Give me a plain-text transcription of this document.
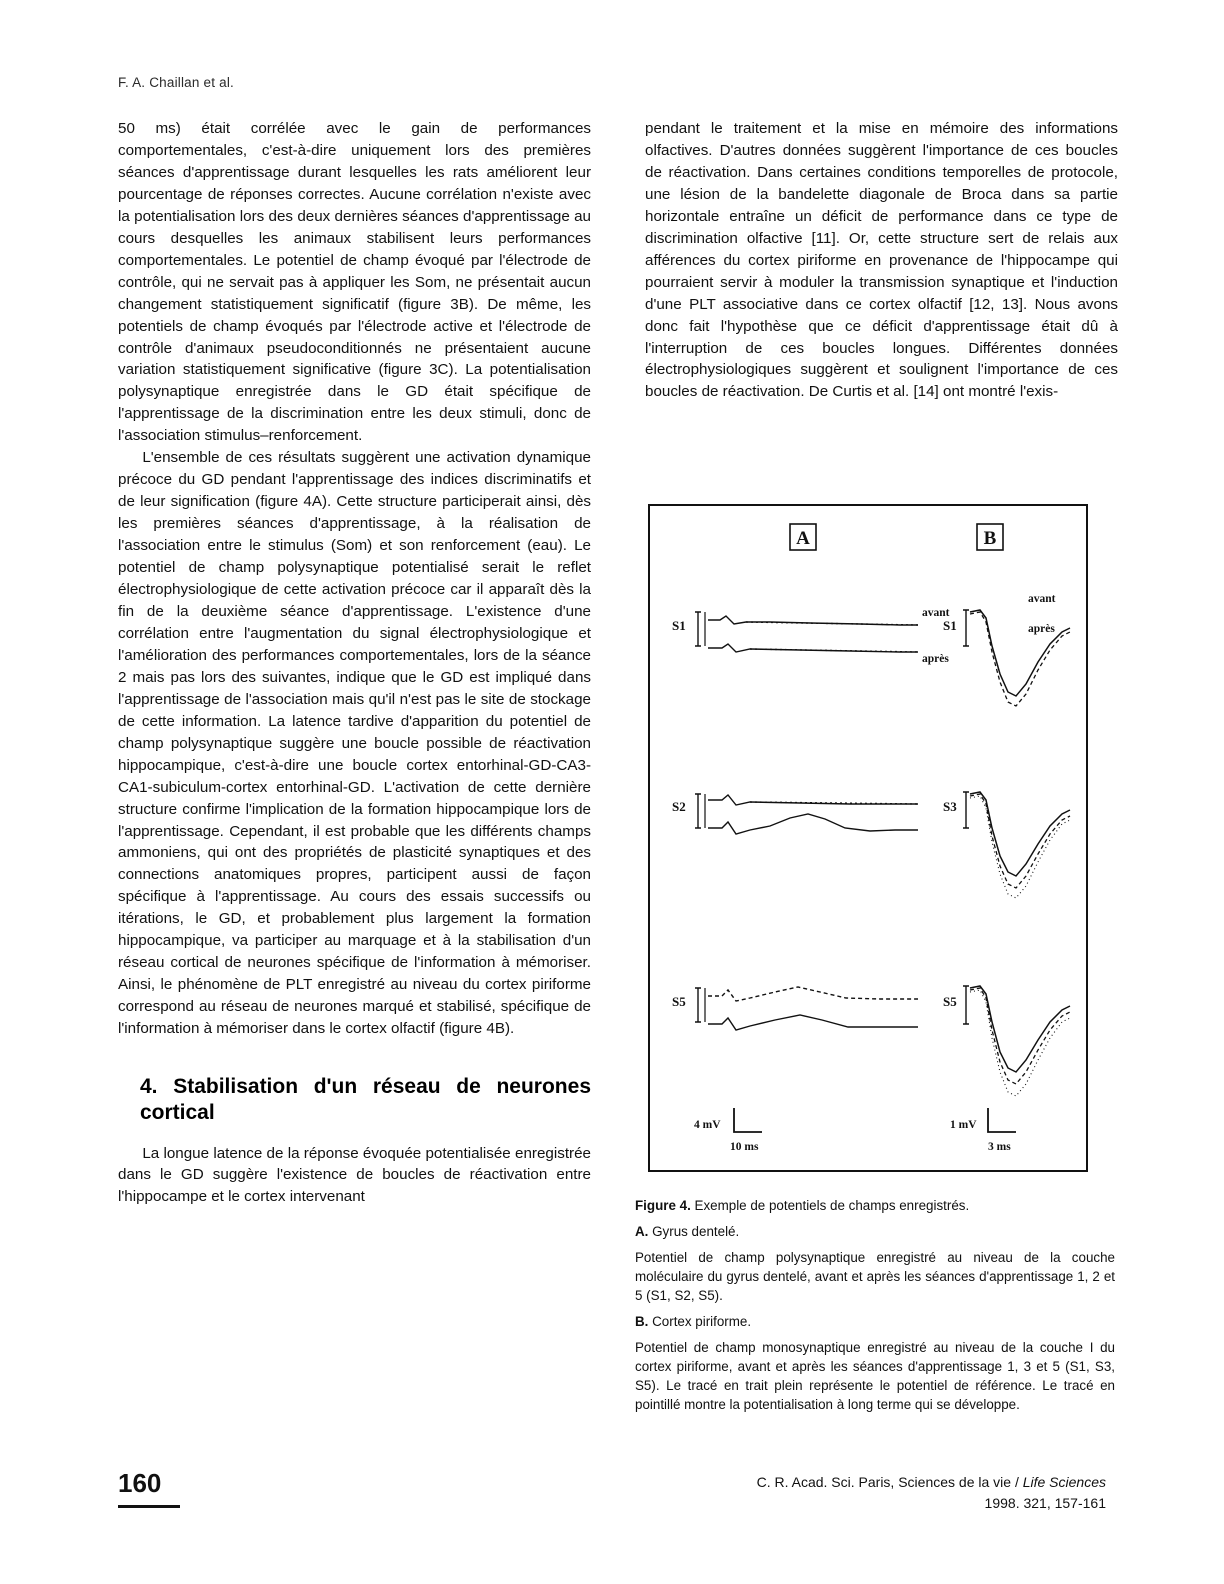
F. A. Chaillan et al.

50 ms) était corrélée avec le gain de performances comportementales, c'est-à-dire uniquement lors des premières séances d'apprentissage durant lesquelles les rats améliorent leur pourcentage de réponses correctes. Aucune corrélation n'existe avec la potentialisation lors des deux dernières séances d'apprentissage au cours desquelles les animaux stabilisent leurs performances comportementales. Le potentiel de champ évoqué par l'électrode de contrôle, qui ne servait pas à appliquer les Som, ne présentait aucun changement statistiquement significatif (figure 3B). De même, les potentiels de champ évoqués par l'électrode active et l'électrode de contrôle d'animaux pseudoconditionnés ne présentaient aucune variation statistiquement significative (figure 3C). La potentialisation polysynaptique enregistrée dans le GD était spécifique de l'apprentissage de la discrimination entre les deux stimuli, donc de l'association stimulus–renforcement.

L'ensemble de ces résultats suggèrent une activation dynamique précoce du GD pendant l'apprentissage des indices discriminatifs et de leur signification (figure 4A). Cette structure participerait ainsi, dès les premières séances d'apprentissage, à la réalisation de l'association entre le stimulus (Som) et son renforcement (eau). Le potentiel de champ polysynaptique potentialisé serait le reflet électrophysiologique de cette activation précoce car il apparaît dès la fin de la deuxième séance d'apprentissage. L'existence d'une corrélation entre l'augmentation du signal électrophysiologique et l'amélioration des performances comportementales, lors de la séance 2 mais pas lors des suivantes, indique que le GD est impliqué dans l'apprentissage de l'association mais qu'il n'est pas le site de stockage de cette information. La latence tardive d'apparition du potentiel de champ polysynaptique suggère une boucle possible de réactivation hippocampique, c'est-à-dire une boucle cortex entorhinal-GD-CA3-CA1-subiculum-cortex entorhinal-GD. L'activation de cette dernière structure confirme l'implication de la formation hippocampique lors de l'apprentissage. Cependant, il est probable que les différents champs ammoniens, qui ont des propriétés de plasticité synaptiques et des connections anatomiques propres, participent aussi de façon spécifique à l'apprentissage. Au cours des essais successifs ou itérations, le GD, et probablement plus largement la formation hippocampique, va participer au marquage et à la stabilisation d'un réseau cortical de neurones spécifique de l'information à mémoriser. Ainsi, le phénomène de PLT enregistré au niveau du cortex piriforme correspond au réseau de neurones marqué et stabilisé, spécifique de l'information à mémoriser dans le cortex olfactif (figure 4B).

4. Stabilisation d'un réseau de neurones cortical

La longue latence de la réponse évoquée potentialisée enregistrée dans le GD suggère l'existence de boucles de réactivation entre l'hippocampe et le cortex intervenant

pendant le traitement et la mise en mémoire des informations olfactives. D'autres données suggèrent l'importance de ces boucles de réactivation. Dans certaines conditions temporelles de protocole, une lésion de la bandelette diagonale de Broca dans sa partie horizontale entraîne un déficit de performance dans ce type de discrimination olfactive [11]. Or, cette structure sert de relais aux afférences du cortex piriforme en provenance de l'hippocampe qui pourraient servir à moduler la transmission synaptique et l'induction d'une PLT associative dans ce cortex olfactif [12, 13]. Nous avons donc fait l'hypothèse que ce déficit d'apprentissage était dû à l'interruption de ces boucles longues. Différentes données électrophysiologiques suggèrent et soulignent l'importance de ces boucles de réactivation. De Curtis et al. [14] ont montré l'exis-

A	B
S1
avant
après
S1
avant
après
S2	S3
S5	S5
4 mV
10 ms
1 mV
3 ms

Figure 4. Exemple de potentiels de champs enregistrés.

A. Gyrus dentelé.

Potentiel de champ polysynaptique enregistré au niveau de la couche moléculaire du gyrus dentelé, avant et après les séances d'apprentissage 1, 2 et 5 (S1, S2, S5).

B. Cortex piriforme.

Potentiel de champ monosynaptique enregistré au niveau de la couche I du cortex piriforme, avant et après les séances d'apprentissage 1, 3 et 5 (S1, S3, S5). Le tracé en trait plein représente le potentiel de référence. Le tracé en pointillé montre la potentialisation à long terme qui se développe.

160	C. R. Acad. Sci. Paris, Sciences de la vie / Life Sciences
1998. 321, 157-161
